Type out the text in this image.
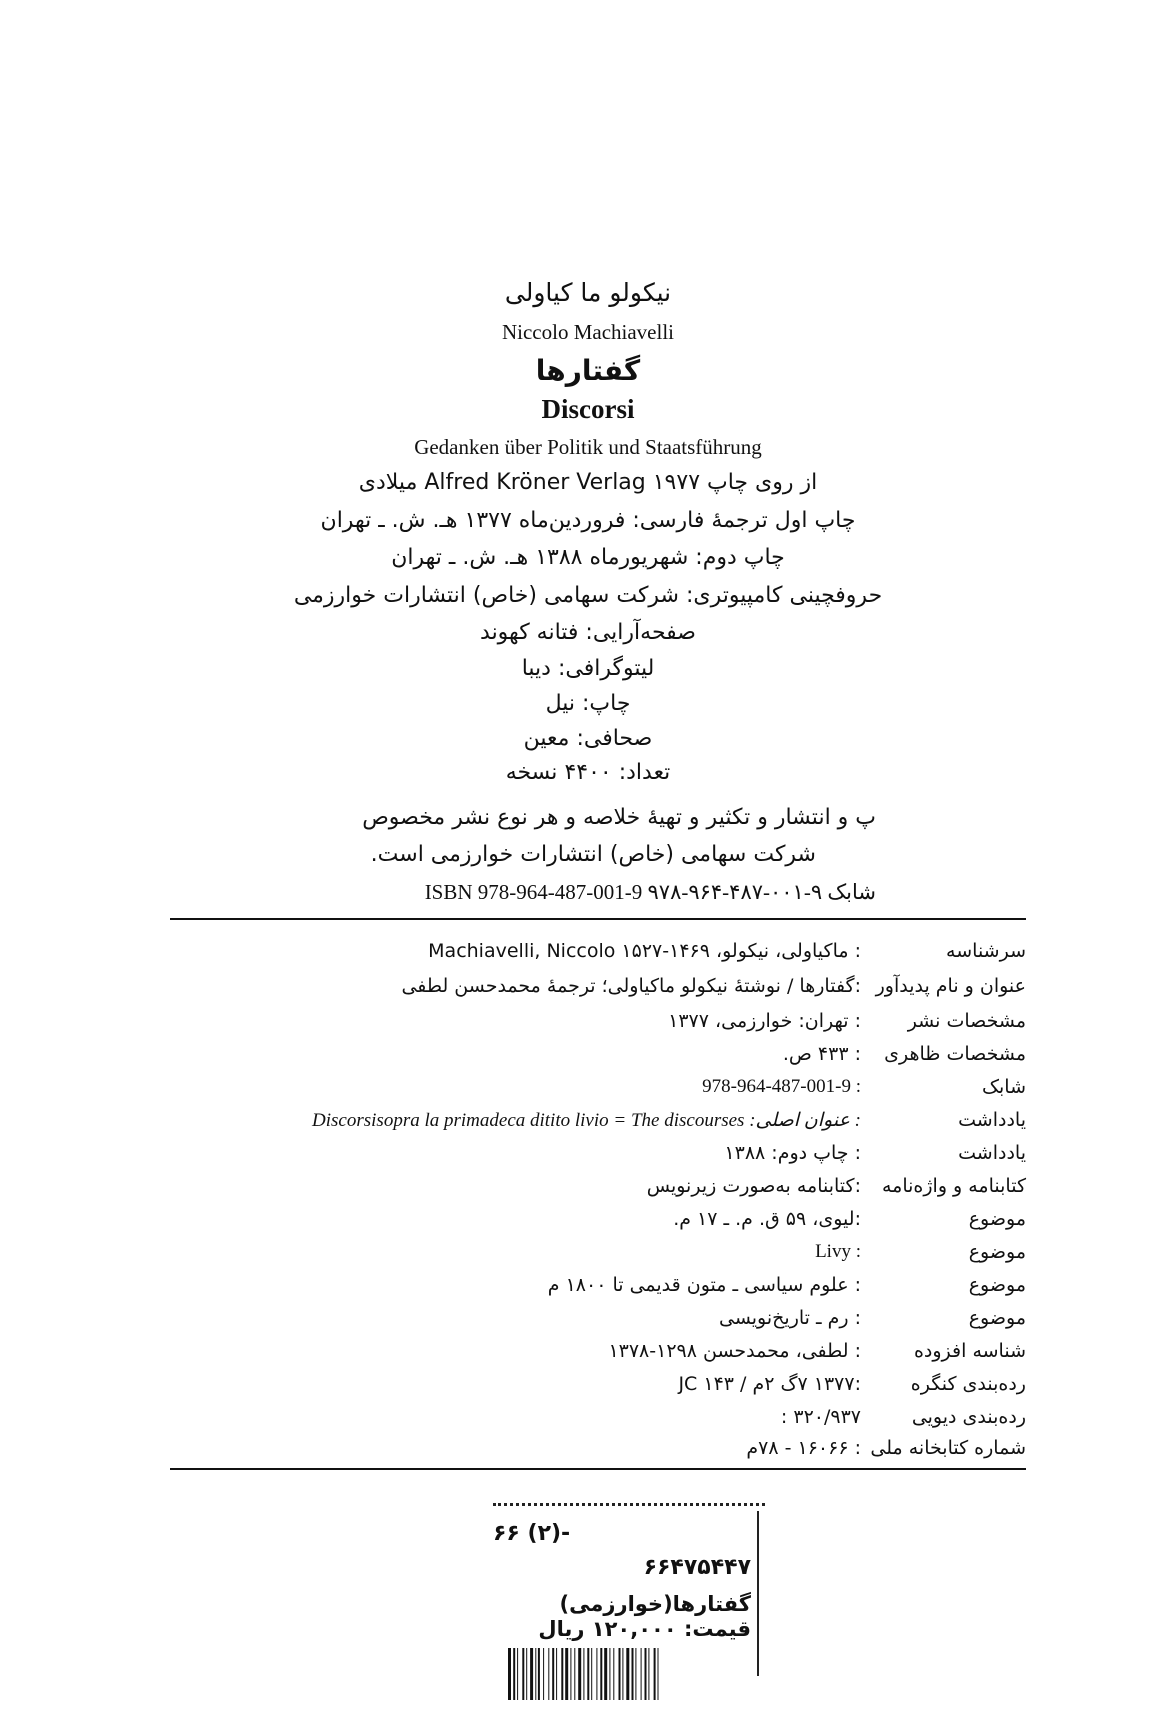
نیکولو ما کیاولی
Niccolo Machiavelli
گفتارها
Discorsi
Gedanken über Politik und Staatsführung
از روی چاپ Alfred Kröner Verlag ۱۹۷۷ میلادی
چاپ اول ترجمهٔ فارسی: فروردین‌ماه ۱۳۷۷ هـ. ش. ـ تهران
چاپ دوم: شهریورماه ۱۳۸۸ هـ. ش. ـ تهران
حروفچینی کامپیوتری: شرکت سهامی (خاص) انتشارات خوارزمی
صفحه‌آرایی: فتانه کهوند
لیتوگرافی: دیبا
چاپ: نیل
صحافی: معین
تعداد: ۴۴۰۰ نسخه
پ و انتشار و تکثیر و تهیهٔ خلاصه و هر نوع نشر مخصوص
شرکت سهامی (خاص) انتشارات خوارزمی است.
ISBN 978-964-487-001-9 ۹۷۸-۹۶۴-۴۸۷-۰۰۱-۹ شابک
سرشناسه
: ماکیاولی، نیکولو، ۱۴۶۹-۱۵۲۷ Machiavelli, Niccolo
عنوان و نام پدیدآور
:گفتارها / نوشتهٔ نیکولو ماکیاولی؛ ترجمهٔ محمدحسن لطفی
مشخصات نشر
: تهران: خوارزمی، ۱۳۷۷
مشخصات ظاهری
: ۴۳۳ ص.
شابک
978-964-487-001-9 :
یادداشت
: عنوان اصلی: Discorsisopra la primadeca ditito livio = The discourses
یادداشت
: چاپ دوم: ۱۳۸۸
کتابنامه و واژه‌نامه
:کتابنامه به‌صورت زیرنویس
موضوع
:لیوی، ۵۹ ق. م. ـ ۱۷ م.
موضوع
Livy :
موضوع
: علوم سیاسی ـ متون قدیمی تا ۱۸۰۰ م
موضوع
: رم ـ تاریخ‌نویسی
شناسه افزوده
: لطفی، محمدحسن ۱۲۹۸-۱۳۷۸
رده‌بندی کنگره
:۱۳۷۷ ۷گ ۲م / ۱۴۳ JC
رده‌بندی دیویی
۳۲۰/۹۳۷ :
شماره کتابخانه ملی
: ۱۶۰۶۶ - ۷۸م
۶۶ (۲)-
۶۶۴۷۵۴۴۷
گفتارها(خوارزمی)
قیمت: ۱۲۰,۰۰۰ ریال
